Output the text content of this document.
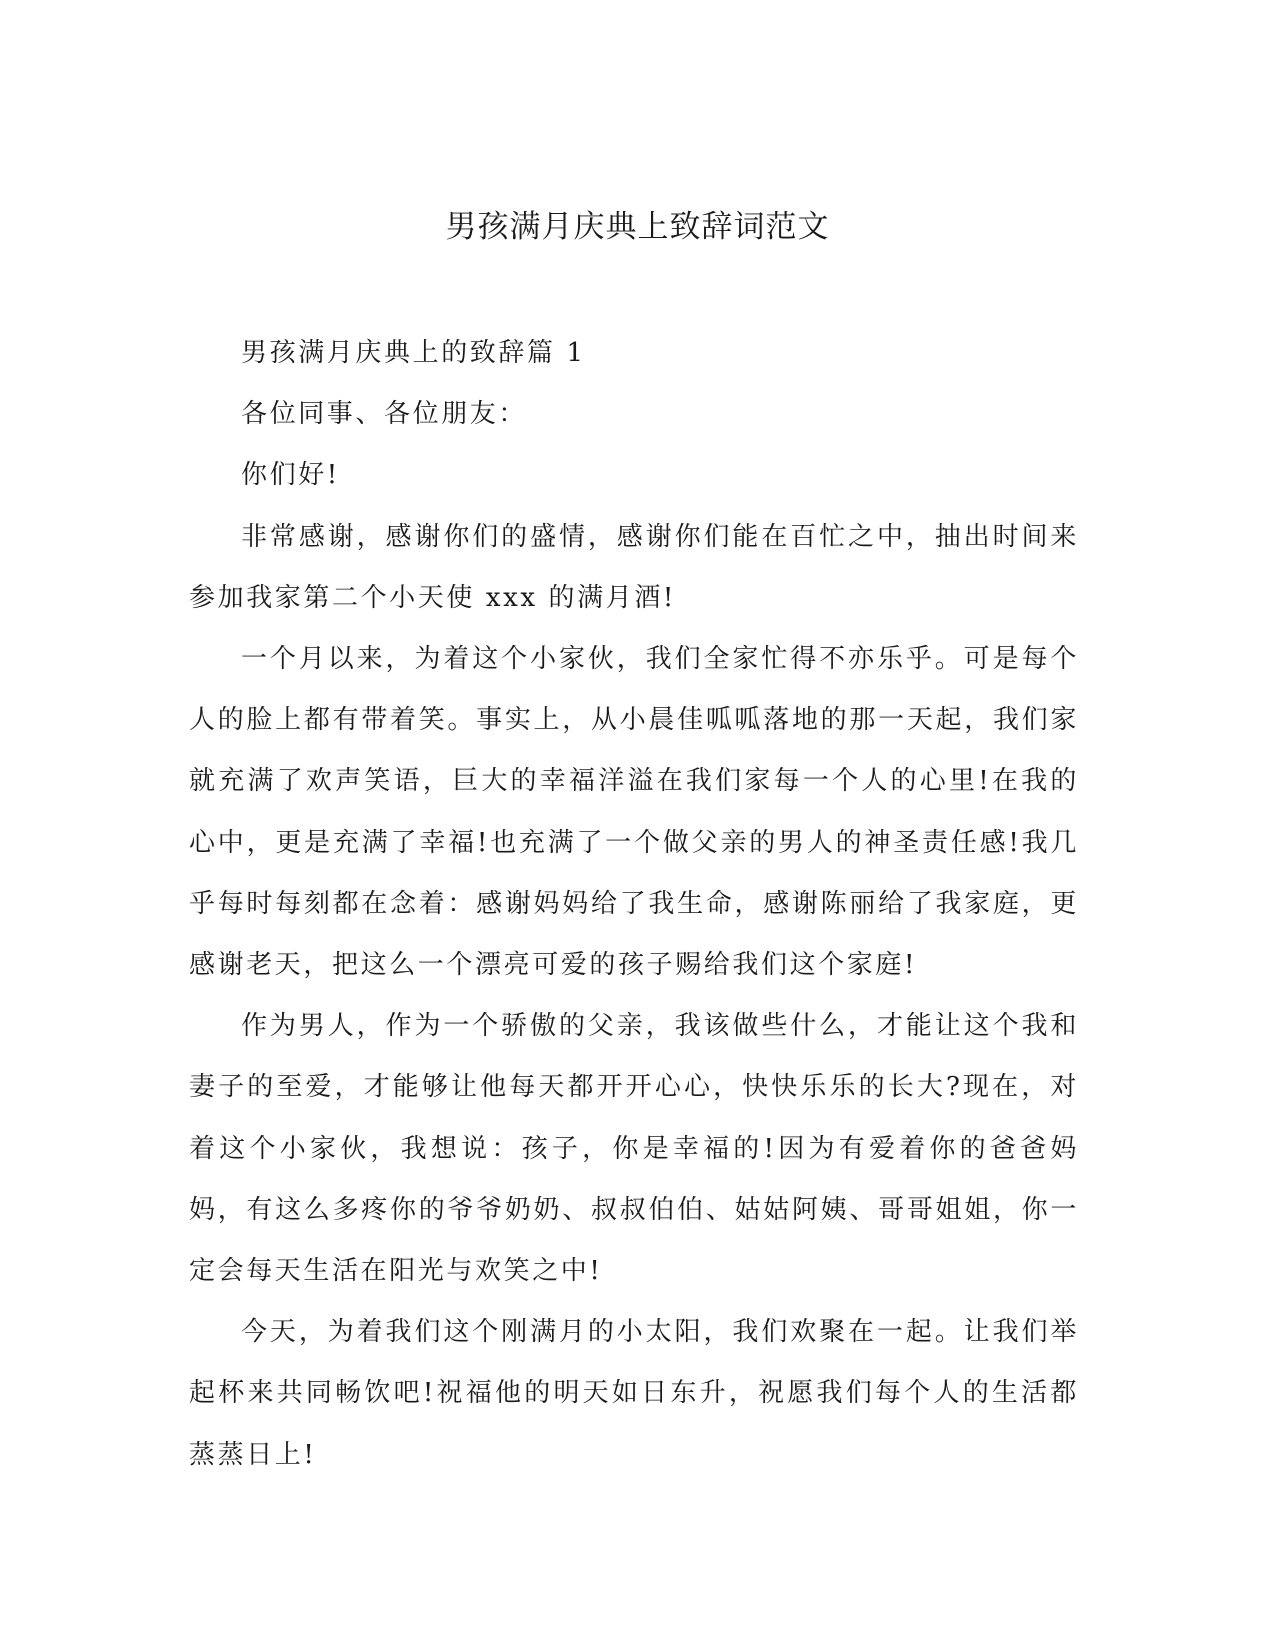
男孩满月庆典上致辞词范文

男孩满月庆典上的致辞篇 1

各位同事、各位朋友：

你们好!

非常感谢，感谢你们的盛情，感谢你们能在百忙之中，抽出时间来参加我家第二个小天使 xxx 的满月酒!

一个月以来，为着这个小家伙，我们全家忙得不亦乐乎。可是每个人的脸上都有带着笑。事实上，从小晨佳呱呱落地的那一天起，我们家就充满了欢声笑语，巨大的幸福洋溢在我们家每一个人的心里!在我的心中，更是充满了幸福!也充满了一个做父亲的男人的神圣责任感!我几乎每时每刻都在念着：感谢妈妈给了我生命，感谢陈丽给了我家庭，更感谢老天，把这么一个漂亮可爱的孩子赐给我们这个家庭!

作为男人，作为一个骄傲的父亲，我该做些什么，才能让这个我和妻子的至爱，才能够让他每天都开开心心，快快乐乐的长大?现在，对着这个小家伙，我想说：孩子，你是幸福的!因为有爱着你的爸爸妈妈，有这么多疼你的爷爷奶奶、叔叔伯伯、姑姑阿姨、哥哥姐姐，你一定会每天生活在阳光与欢笑之中!

今天，为着我们这个刚满月的小太阳，我们欢聚在一起。让我们举起杯来共同畅饮吧!祝福他的明天如日东升，祝愿我们每个人的生活都蒸蒸日上!
